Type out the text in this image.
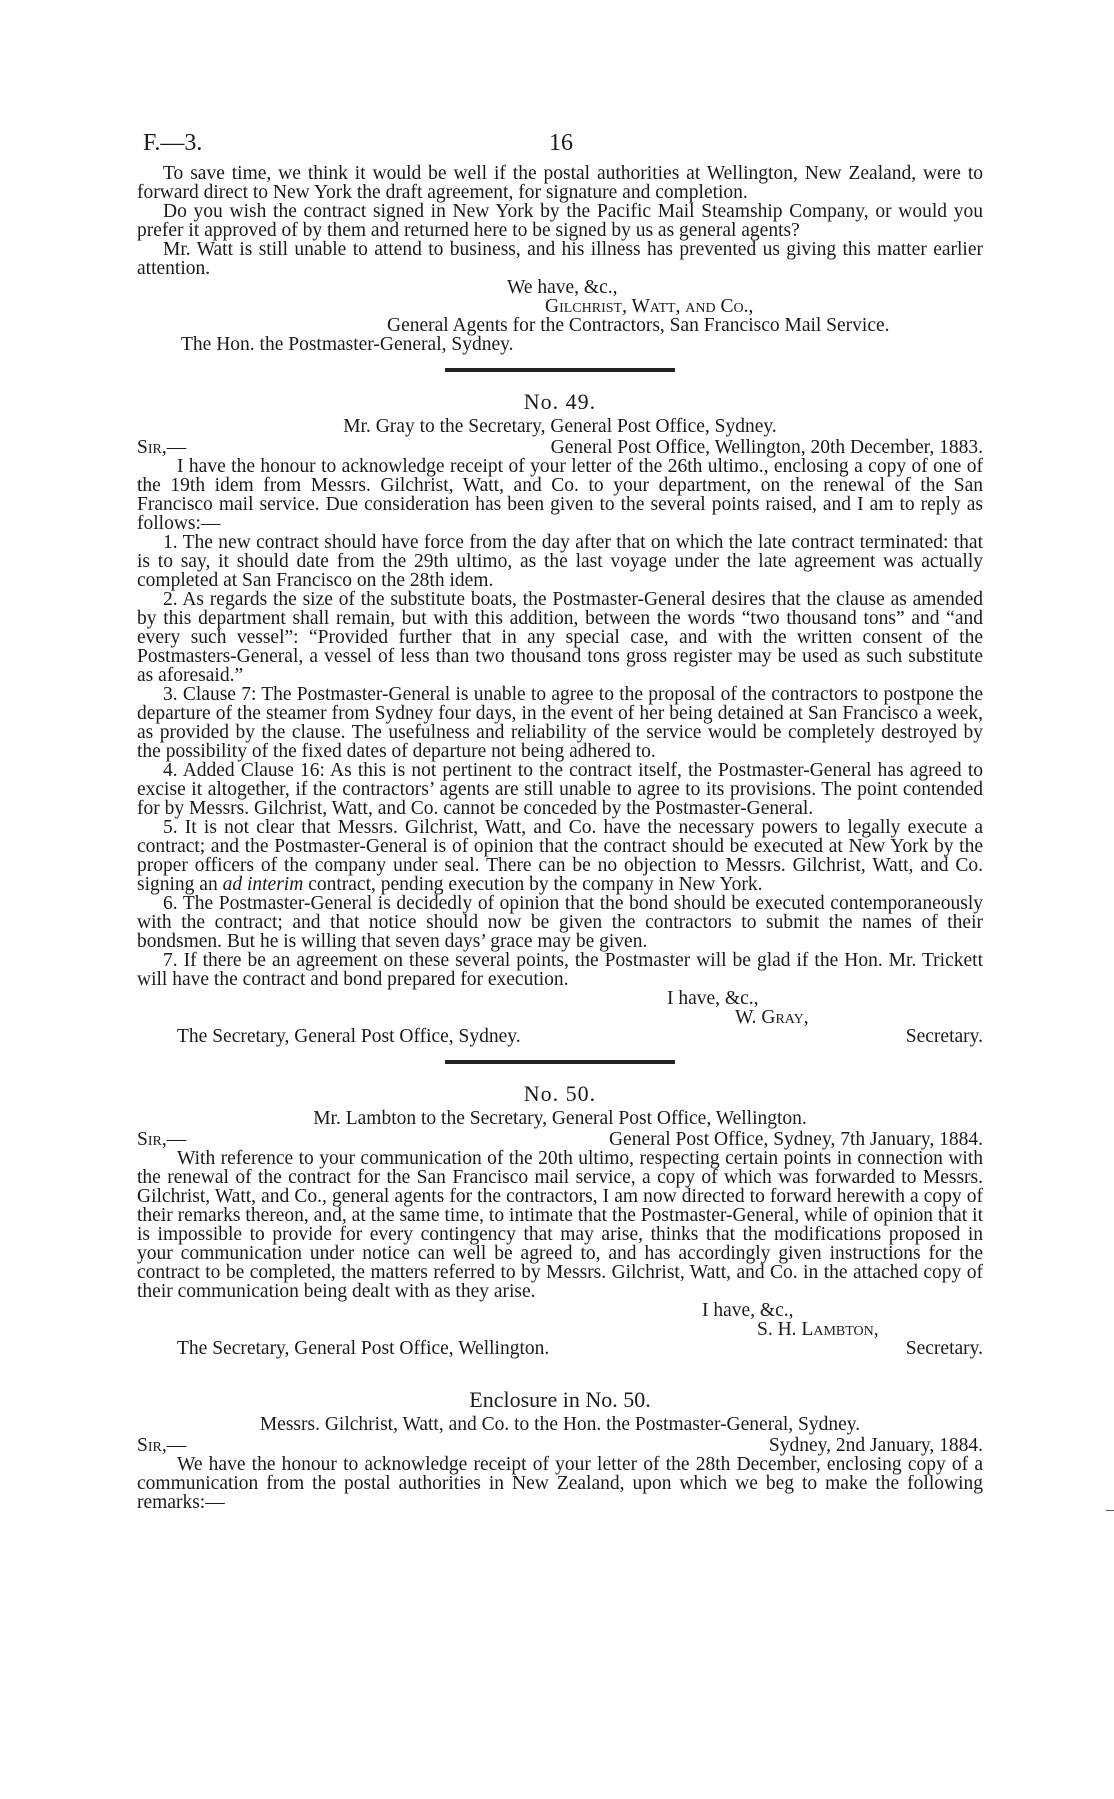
F.—3.	16

To save time, we think it would be well if the postal authorities at Wellington, New Zealand, were to forward direct to New York the draft agreement, for signature and completion.

Do you wish the contract signed in New York by the Pacific Mail Steamship Company, or would you prefer it approved of by them and returned here to be signed by us as general agents?

Mr. Watt is still unable to attend to business, and his illness has prevented us giving this matter earlier attention.

We have, &c.,
Gilchrist, Watt, and Co.,
General Agents for the Contractors, San Francisco Mail Service.
The Hon. the Postmaster-General, Sydney.
No. 49.
Mr. Gray to the Secretary, General Post Office, Sydney.
Sir,—	General Post Office, Wellington, 20th December, 1883.

I have the honour to acknowledge receipt of your letter of the 26th ultimo., enclosing a copy of one of the 19th idem from Messrs. Gilchrist, Watt, and Co. to your department, on the renewal of the San Francisco mail service. Due consideration has been given to the several points raised, and I am to reply as follows:—

1. The new contract should have force from the day after that on which the late contract terminated: that is to say, it should date from the 29th ultimo, as the last voyage under the late agreement was actually completed at San Francisco on the 28th idem.

2. As regards the size of the substitute boats, the Postmaster-General desires that the clause as amended by this department shall remain, but with this addition, between the words “two thousand tons” and “and every such vessel”: “Provided further that in any special case, and with the written consent of the Postmasters-General, a vessel of less than two thousand tons gross register may be used as such substitute as aforesaid.”

3. Clause 7: The Postmaster-General is unable to agree to the proposal of the contractors to postpone the departure of the steamer from Sydney four days, in the event of her being detained at San Francisco a week, as provided by the clause. The usefulness and reliability of the service would be completely destroyed by the possibility of the fixed dates of departure not being adhered to.

4. Added Clause 16: As this is not pertinent to the contract itself, the Postmaster-General has agreed to excise it altogether, if the contractors’ agents are still unable to agree to its provisions. The point contended for by Messrs. Gilchrist, Watt, and Co. cannot be conceded by the Postmaster-General.

5. It is not clear that Messrs. Gilchrist, Watt, and Co. have the necessary powers to legally execute a contract; and the Postmaster-General is of opinion that the contract should be executed at New York by the proper officers of the company under seal. There can be no objection to Messrs. Gilchrist, Watt, and Co. signing an ad interim contract, pending execution by the company in New York.

6. The Postmaster-General is decidedly of opinion that the bond should be executed contemporaneously with the contract; and that notice should now be given the contractors to submit the names of their bondsmen. But he is willing that seven days’ grace may be given.

7. If there be an agreement on these several points, the Postmaster will be glad if the Hon. Mr. Trickett will have the contract and bond prepared for execution.

I have, &c.,
W. Gray,
The Secretary, General Post Office, Sydney.	Secretary.
No. 50.
Mr. Lambton to the Secretary, General Post Office, Wellington.
Sir,—	General Post Office, Sydney, 7th January, 1884.

With reference to your communication of the 20th ultimo, respecting certain points in connection with the renewal of the contract for the San Francisco mail service, a copy of which was forwarded to Messrs. Gilchrist, Watt, and Co., general agents for the contractors, I am now directed to forward herewith a copy of their remarks thereon, and, at the same time, to intimate that the Postmaster-General, while of opinion that it is impossible to provide for every contingency that may arise, thinks that the modifications proposed in your communication under notice can well be agreed to, and has accordingly given instructions for the contract to be completed, the matters referred to by Messrs. Gilchrist, Watt, and Co. in the attached copy of their communication being dealt with as they arise.

I have, &c.,
S. H. Lambton,
The Secretary, General Post Office, Wellington.	Secretary.
Enclosure in No. 50.
Messrs. Gilchrist, Watt, and Co. to the Hon. the Postmaster-General, Sydney.
Sir,—	Sydney, 2nd January, 1884.

We have the honour to acknowledge receipt of your letter of the 28th December, enclosing copy of a communication from the postal authorities in New Zealand, upon which we beg to make the following remarks:—
